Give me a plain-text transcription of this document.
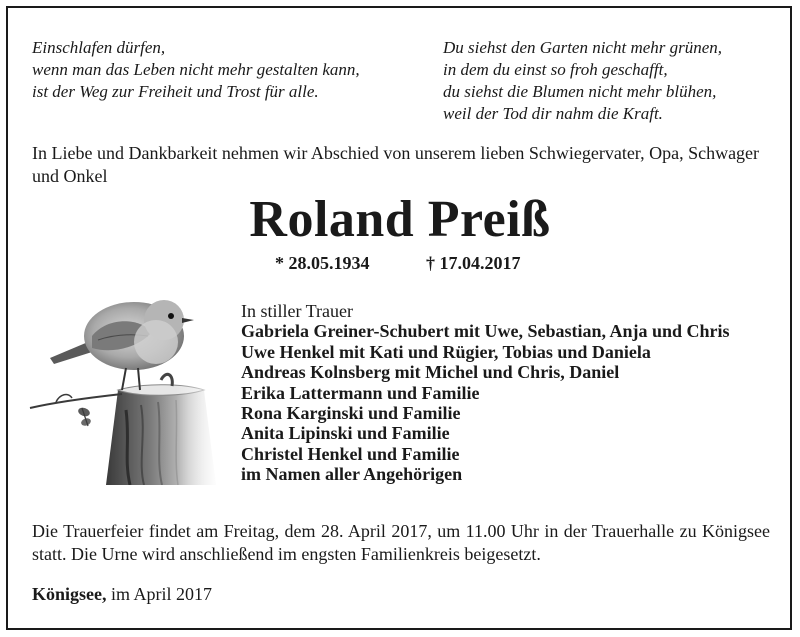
Einschlafen dürfen,
wenn man das Leben nicht mehr gestalten kann,
ist der Weg zur Freiheit und Trost für alle.

Du siehst den Garten nicht mehr grünen,
in dem du einst so froh geschafft,
du siehst die Blumen nicht mehr blühen,
weil der Tod dir nahm die Kraft.

In Liebe und Dankbarkeit nehmen wir Abschied von unserem lieben Schwiegervater, Opa, Schwager und Onkel

Roland Preiß
* 28.05.1934	† 17.04.2017

In stiller Trauer
Gabriela Greiner-Schubert mit Uwe, Sebastian, Anja und Chris
Uwe Henkel mit Kati und Rügier, Tobias und Daniela
Andreas Kolnsberg mit Michel und Chris, Daniel
Erika Lattermann und Familie
Rona Karginski und Familie
Anita Lipinski und Familie
Christel Henkel und Familie
im Namen aller Angehörigen

Die Trauerfeier findet am Freitag, dem 28. April 2017, um 11.00 Uhr in der Trauerhalle zu Königsee statt. Die Urne wird anschließend im engsten Familienkreis beigesetzt.

Königsee, im April 2017
